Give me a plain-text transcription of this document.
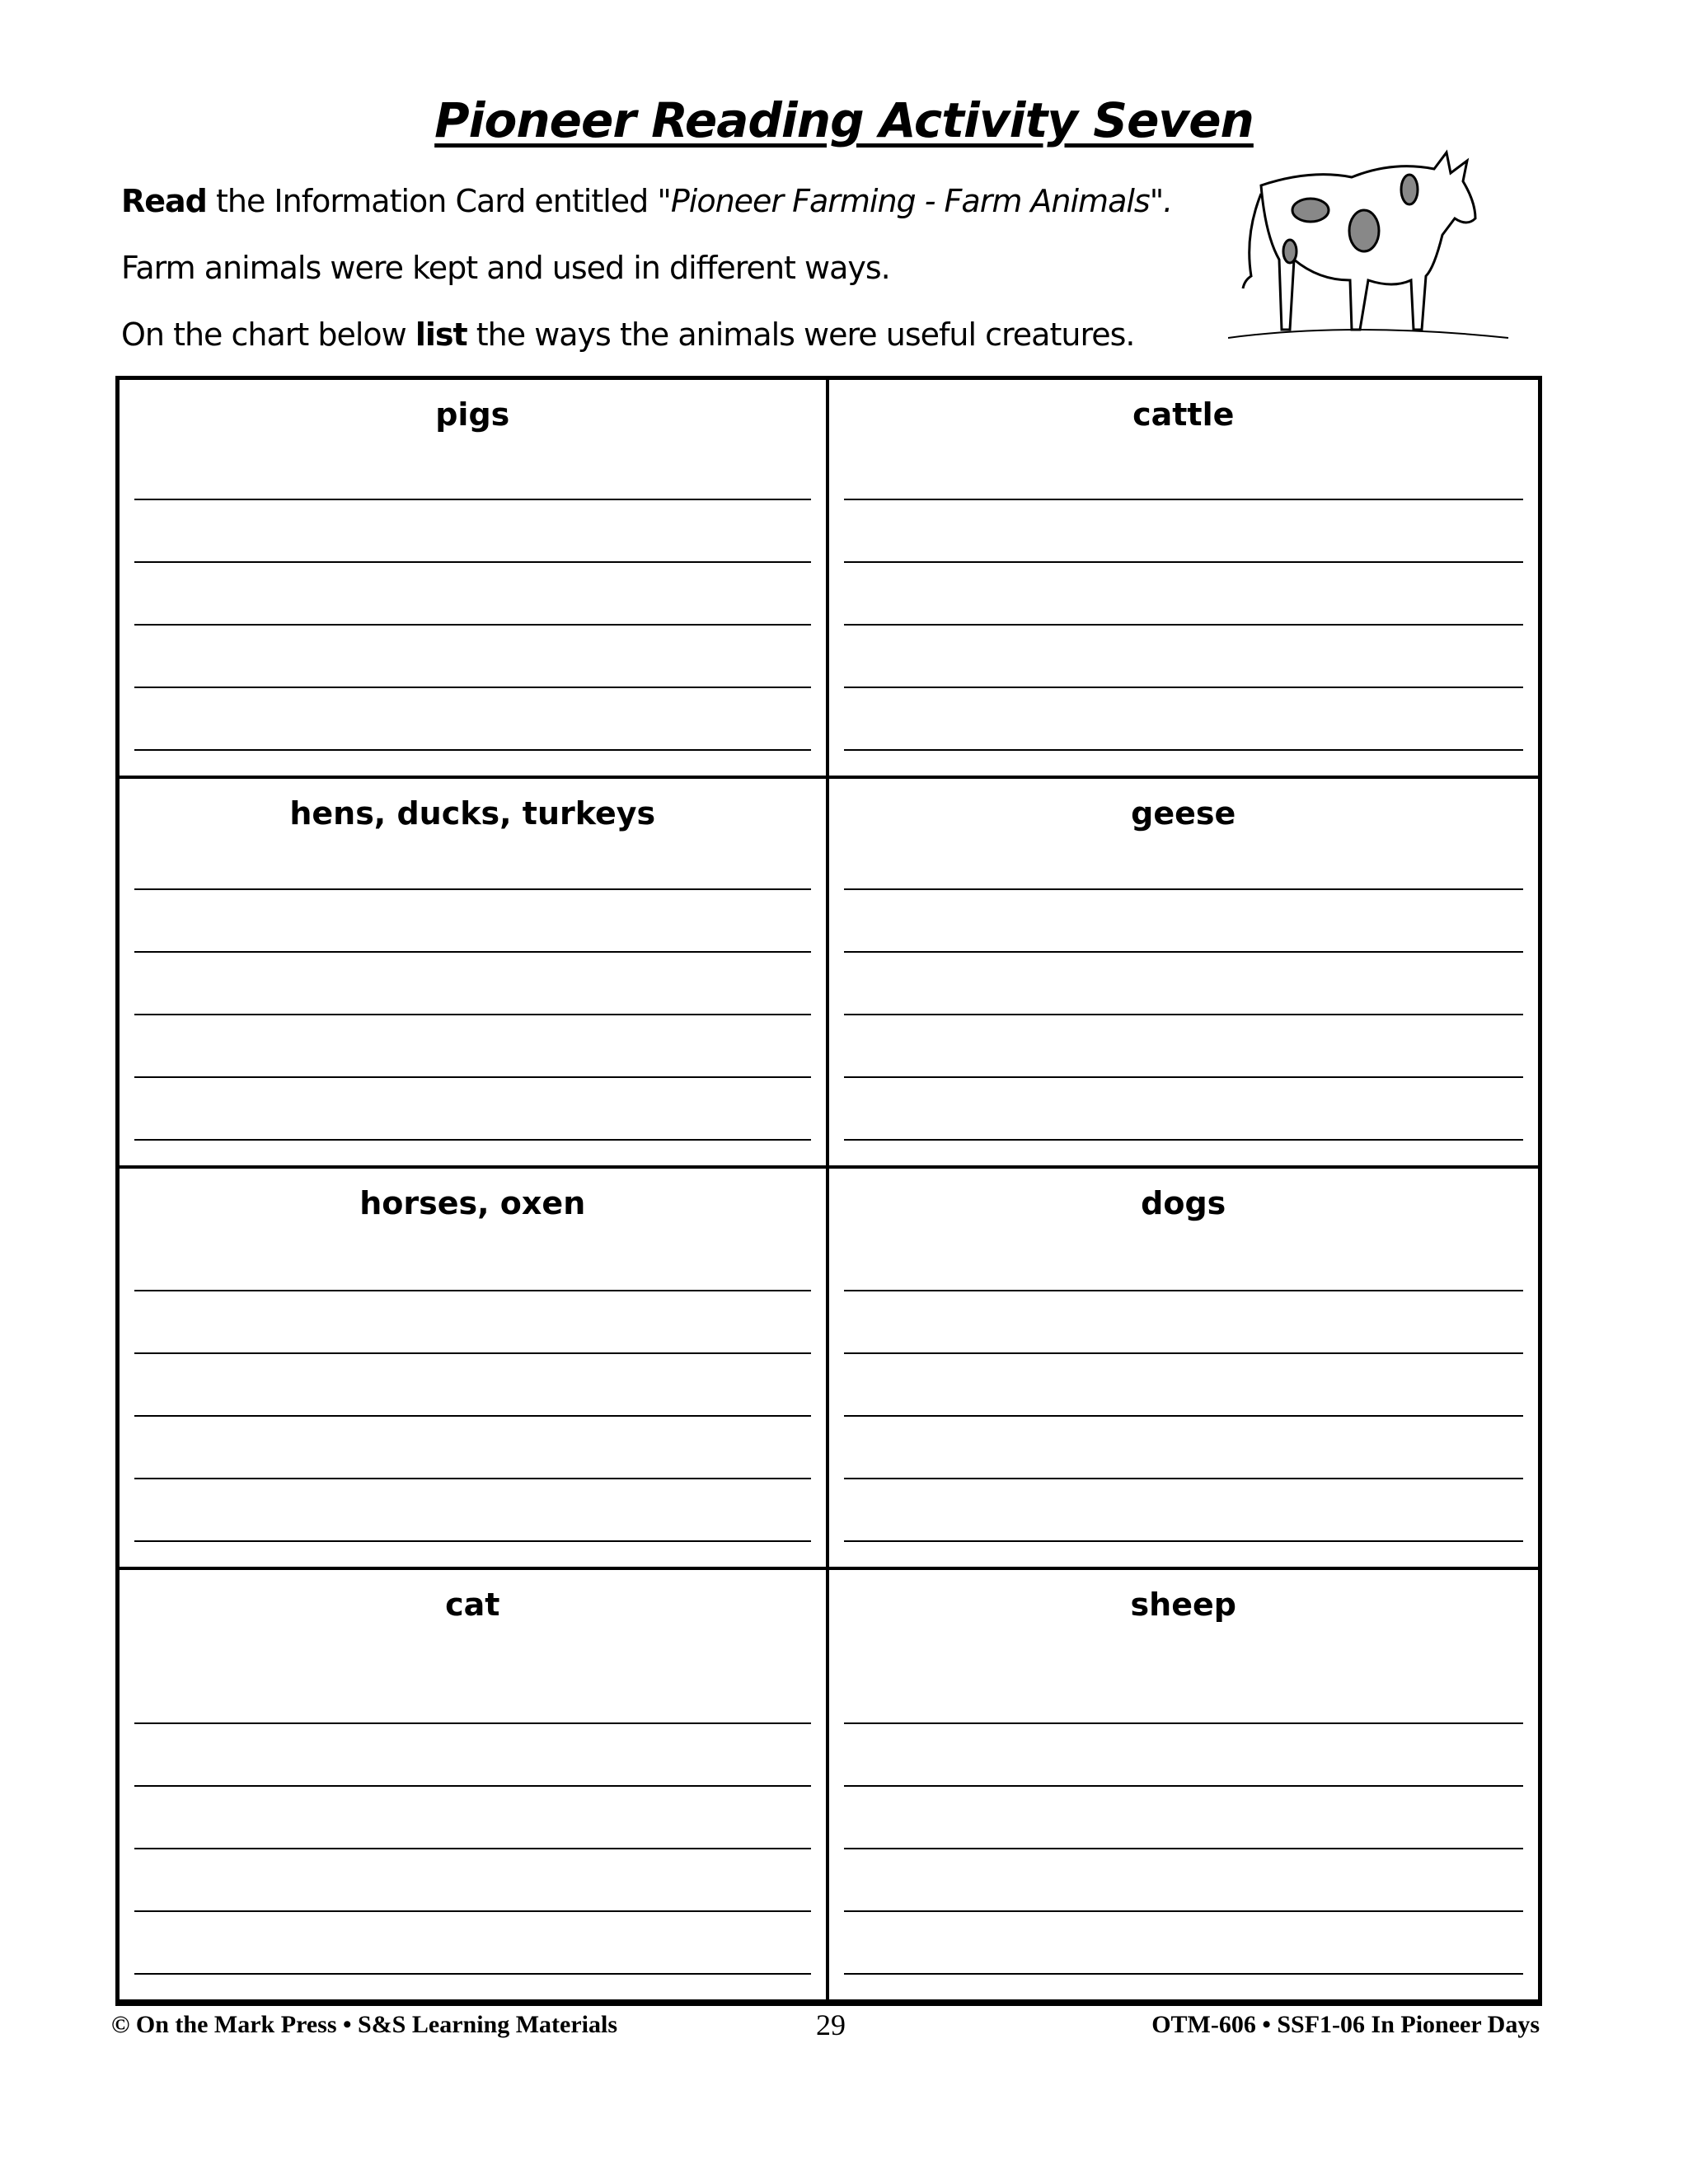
Pioneer Reading Activity Seven
Read the Information Card entitled "Pioneer Farming - Farm Animals".
Farm animals were kept and used in different ways.
On the chart below list the ways the animals were useful creatures.
pigs	cattle
hens, ducks, turkeys	geese
horses, oxen	dogs
cat	sheep
© On the Mark Press • S&S Learning Materials	29	OTM-606 • SSF1-06 In Pioneer Days
